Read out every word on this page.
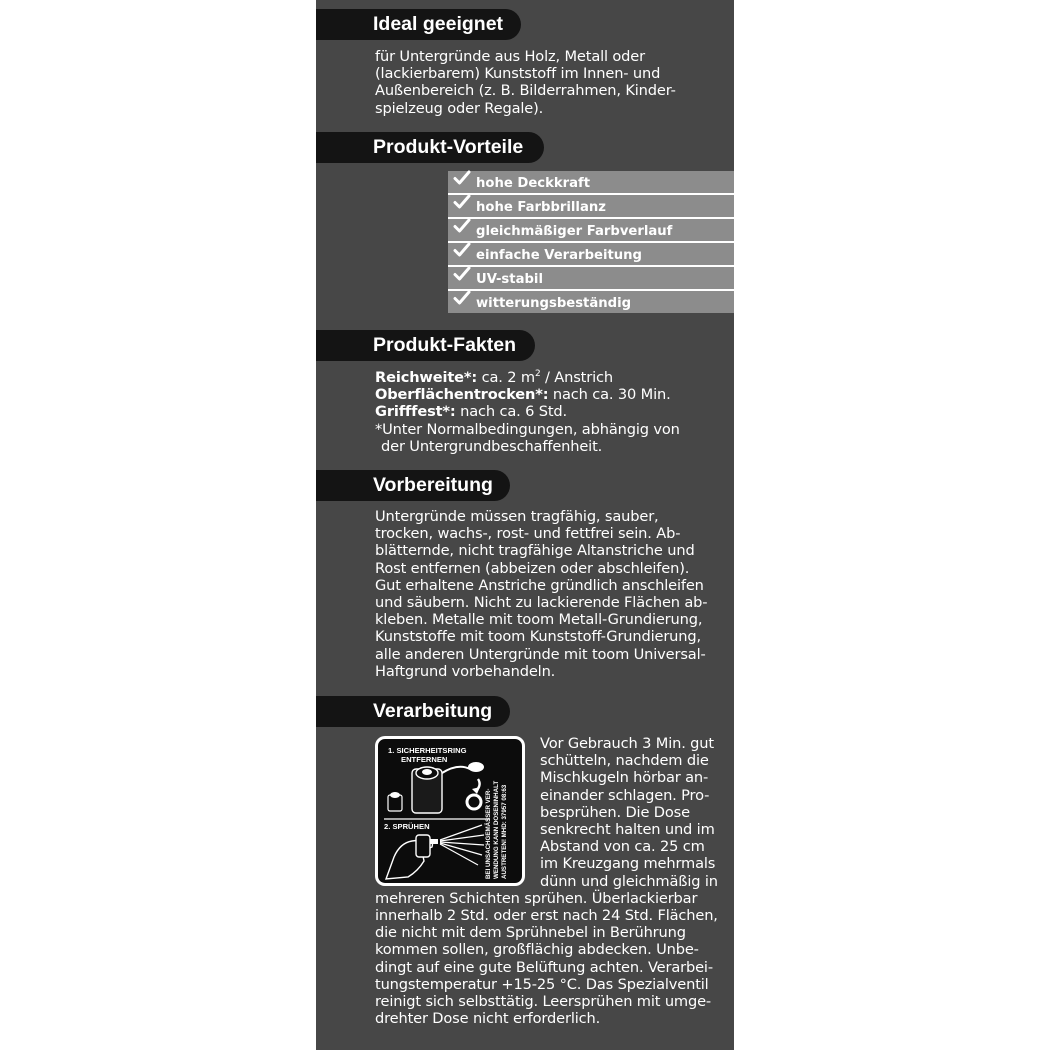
Ideal geeignet
für Untergründe aus Holz, Metall oder
(lackierbarem) Kunststoff im Innen- und
Außenbereich (z. B. Bilderrahmen, Kinder-
spielzeug oder Regale).
Produkt-Vorteile
hohe Deckkraft
hohe Farbbrillanz
gleichmäßiger Farbverlauf
einfache Verarbeitung
UV-stabil
witterungsbeständig
Produkt-Fakten
Reichweite*: ca. 2 $m^2$ / Anstrich
Oberflächentrocken*: nach ca. 30 Min.
Grifffest*: nach ca. 6 Std.
*Unter Normalbedingungen, abhängig von
der Untergrundbeschaffenheit.
Vorbereitung
Untergründe müssen tragfähig, sauber,
trocken, wachs-, rost- und fettfrei sein. Ab-
blätternde, nicht tragfähige Altanstriche und
Rost entfernen (abbeizen oder abschleifen).
Gut erhaltene Anstriche gründlich anschleifen
und säubern. Nicht zu lackierende Flächen ab-
kleben. Metalle mit toom Metall-Grundierung,
Kunststoffe mit toom Kunststoff-Grundierung,
alle anderen Untergründe mit toom Universal-
Haftgrund vorbehandeln.
Verarbeitung
1. SICHERHEITSRING
ENTFERNEN
2. SPRÜHEN	BEI UNSACHGEMÄSSER VER- WENDUNG KANN DOSENINHALT AUSTRETEN! MHD: 37957 08:63
Vor Gebrauch 3 Min. gut
schütteln, nachdem die
Mischkugeln hörbar an-
einander schlagen. Pro-
besprühen. Die Dose
senkrecht halten und im
Abstand von ca. 25 cm
im Kreuzgang mehrmals
dünn und gleichmäßig in
mehreren Schichten sprühen. Überlackierbar
innerhalb 2 Std. oder erst nach 24 Std. Flächen,
die nicht mit dem Sprühnebel in Berührung
kommen sollen, großflächig abdecken. Unbe-
dingt auf eine gute Belüftung achten. Verarbei-
tungstemperatur +15-25 °C. Das Spezialventil
reinigt sich selbsttätig. Leersprühen mit umge-
drehter Dose nicht erforderlich.
